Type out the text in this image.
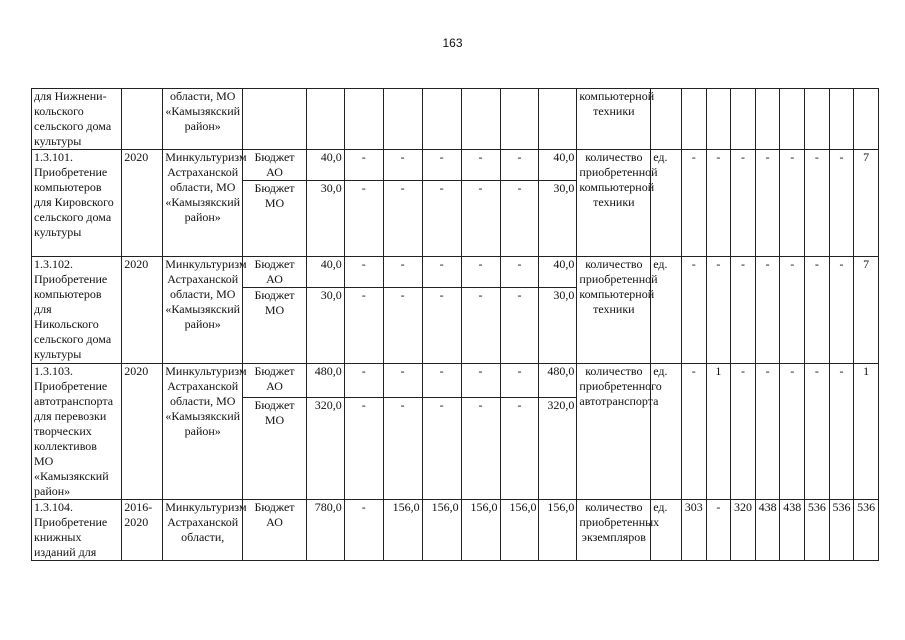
163
для Нижнени-кольского сельского дома культуры		области, МО «Камызякский район»									компьютерной техники									
1.3.101. Приобретение компьютеров для Кировского сельского дома культуры	2020	Минкультуризм Астраханской области, МО «Камызякский район»	Бюджет АО	40,0	-	-	-	-	-	40,0	количество приобретенной компьютерной техники	ед.	-	-	-	-	-	-	-	7
			Бюджет МО	30,0	-	-	-	-	-	30,0										
1.3.102. Приобретение компьютеров для Никольского сельского дома культуры	2020	Минкультуризм Астраханской области, МО «Камызякский район»	Бюджет АО	40,0	-	-	-	-	-	40,0	количество приобретенной компьютерной техники	ед.	-	-	-	-	-	-	-	7
			Бюджет МО	30,0	-	-	-	-	-	30,0										
1.3.103. Приобретение автотранспорта для перевозки творческих коллективов МО «Камызякский район»	2020	Минкультуризм Астраханской области, МО «Камызякский район»	Бюджет АО	480,0	-	-	-	-	-	480,0	количество приобретенного автотранспорта	ед.	-	1	-	-	-	-	-	1
			Бюджет МО	320,0	-	-	-	-	-	320,0										
1.3.104. Приобретение книжных изданий для	2016-2020	Минкультуризм Астраханской области,	Бюджет АО	780,0	-	156,0	156,0	156,0	156,0	156,0	количество приобретенных экземпляров	ед.	303	-	320	438	438	536	536	536
